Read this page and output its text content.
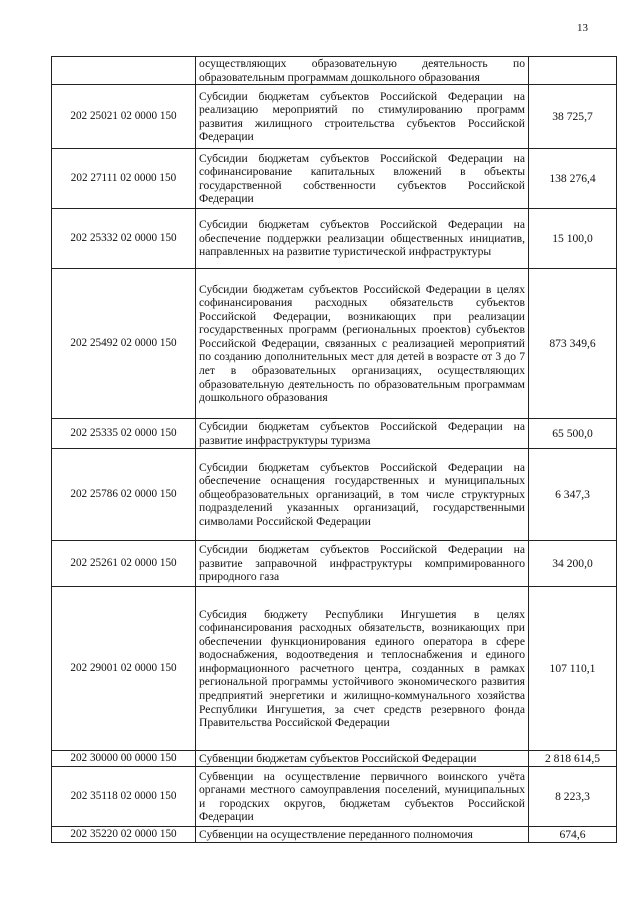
13
	осуществляющих образовательную деятельность по образовательным программам дошкольного образования	
202 25021 02 0000 150	Субсидии бюджетам субъектов Российской Федерации на реализацию мероприятий по стимулированию программ развития жилищного строительства субъектов Российской Федерации	38 725,7
202 27111 02 0000 150	Субсидии бюджетам субъектов Российской Федерации на софинансирование капитальных вложений в объекты государственной собственности субъектов Российской Федерации	138 276,4
202 25332 02 0000 150	Субсидии бюджетам субъектов Российской Федерации на обеспечение поддержки реализации общественных инициатив, направленных на развитие туристической инфраструктуры	15 100,0
202 25492 02 0000 150	Субсидии бюджетам субъектов Российской Федерации в целях софинансирования расходных обязательств субъектов Российской Федерации, возникающих при реализации государственных программ (региональных проектов) субъектов Российской Федерации, связанных с реализацией мероприятий по созданию дополнительных мест для детей в возрасте от 3 до 7 лет в образовательных организациях, осуществляющих образовательную деятельность по образовательным программам дошкольного образования	873 349,6
202 25335 02 0000 150	Субсидии бюджетам субъектов Российской Федерации на развитие инфраструктуры туризма	65 500,0
202 25786 02 0000 150	Субсидии бюджетам субъектов Российской Федерации на обеспечение оснащения государственных и муниципальных общеобразовательных организаций, в том числе структурных подразделений указанных организаций, государственными символами Российской Федерации	6 347,3
202 25261 02 0000 150	Субсидии бюджетам субъектов Российской Федерации на развитие заправочной инфраструктуры компримированного природного газа	34 200,0
202 29001 02 0000 150	Субсидия бюджету Республики Ингушетия в целях софинансирования расходных обязательств, возникающих при обеспечении функционирования единого оператора в сфере водоснабжения, водоотведения и теплоснабжения и единого информационного расчетного центра, созданных в рамках региональной программы устойчивого экономического развития предприятий энергетики и жилищно-коммунального хозяйства Республики Ингушетия, за счет средств резервного фонда Правительства Российской Федерации	107 110,1
202 30000 00 0000 150	Субвенции бюджетам субъектов Российской Федерации	2 818 614,5
202 35118 02 0000 150	Субвенции на осуществление первичного воинского учёта органами местного самоуправления поселений, муниципальных и городских округов, бюджетам субъектов Российской Федерации	8 223,3
202 35220 02 0000 150	Субвенции на осуществление переданного полномочия	674,6
